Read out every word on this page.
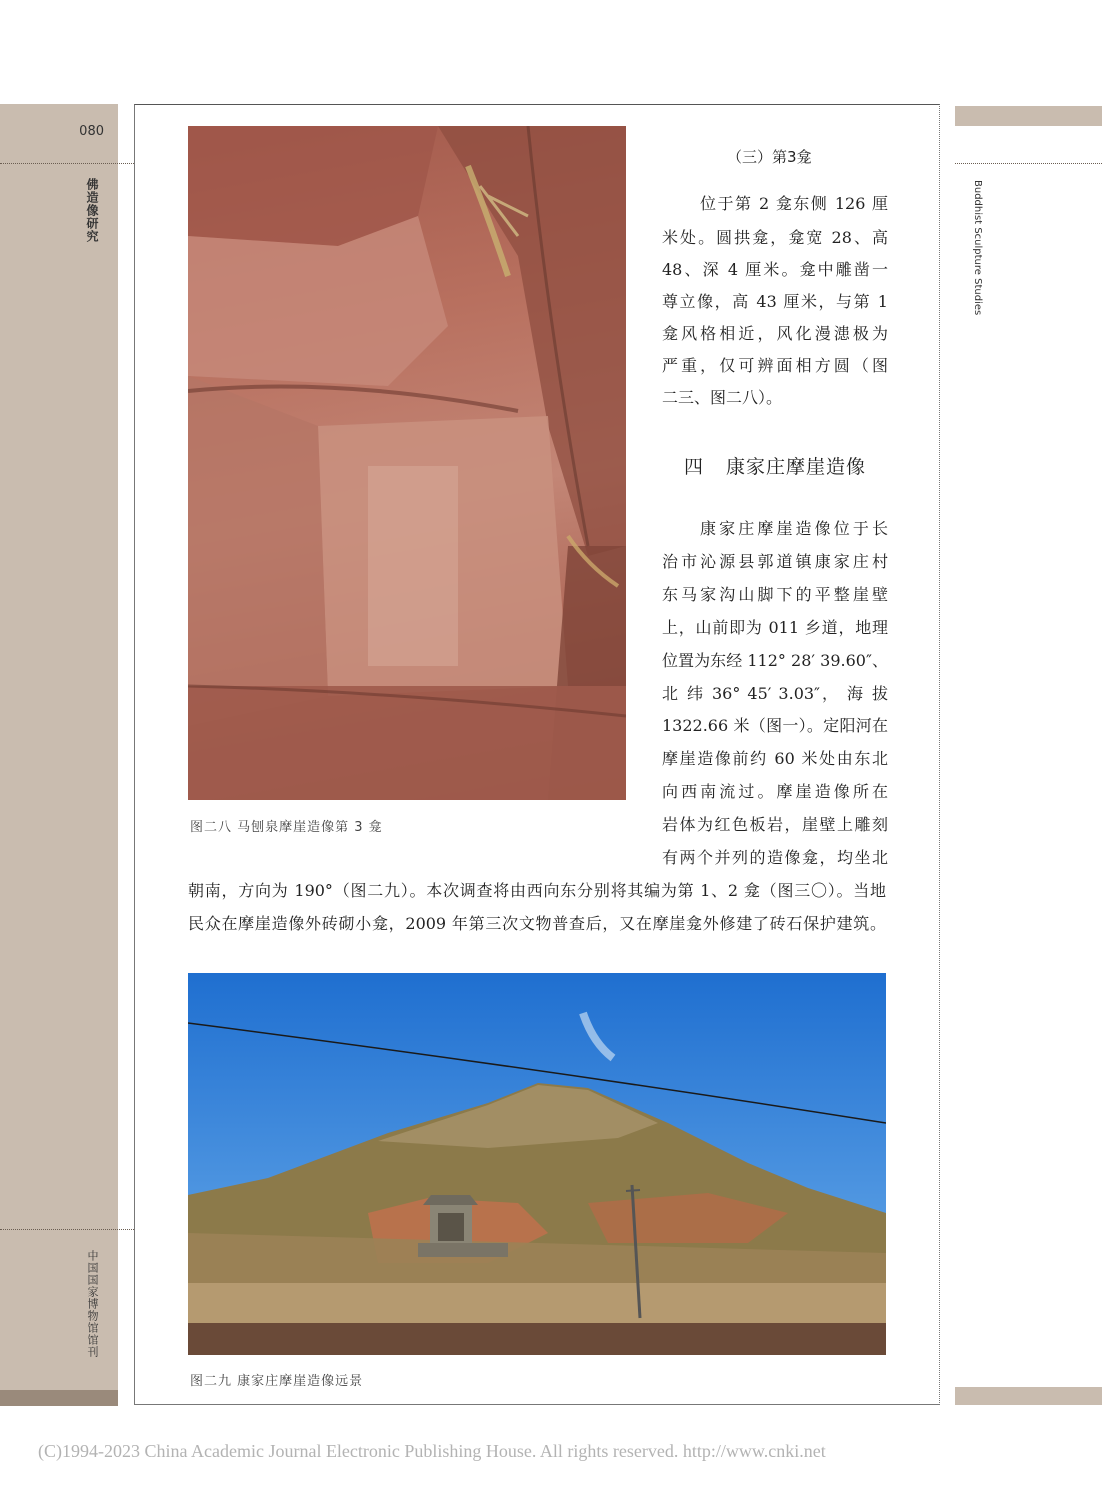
080
佛造像研究
中国国家博物馆馆刊
Buddhist Sculpture Studies
图二八 马刨泉摩崖造像第 3 龛
（三）第3龛
位于第 2 龛东侧 126 厘
米处。圆拱龛，龛宽 28、高
48、深 4 厘米。龛中雕凿一
尊立像，高 43 厘米，与第 1
龛风格相近，风化漫漶极为
严重，仅可辨面相方圆（图
二三、图二八）。
四 康家庄摩崖造像
康家庄摩崖造像位于长
治市沁源县郭道镇康家庄村
东马家沟山脚下的平整崖壁
上，山前即为 011 乡道，地理
位置为东经 112° 28′ 39.60″、
北 纬 36° 45′ 3.03″， 海 拔
1322.66 米（图一）。定阳河在
摩崖造像前约 60 米处由东北
向西南流过。摩崖造像所在
岩体为红色板岩，崖壁上雕刻
有两个并列的造像龛，均坐北
朝南，方向为 190°（图二九）。本次调查将由西向东分别将其编为第 1、2 龛（图三〇）。当地
民众在摩崖造像外砖砌小龛，2009 年第三次文物普查后，又在摩崖龛外修建了砖石保护建筑。
图二九 康家庄摩崖造像远景
(C)1994-2023 China Academic Journal Electronic Publishing House. All rights reserved. http://www.cnki.net
